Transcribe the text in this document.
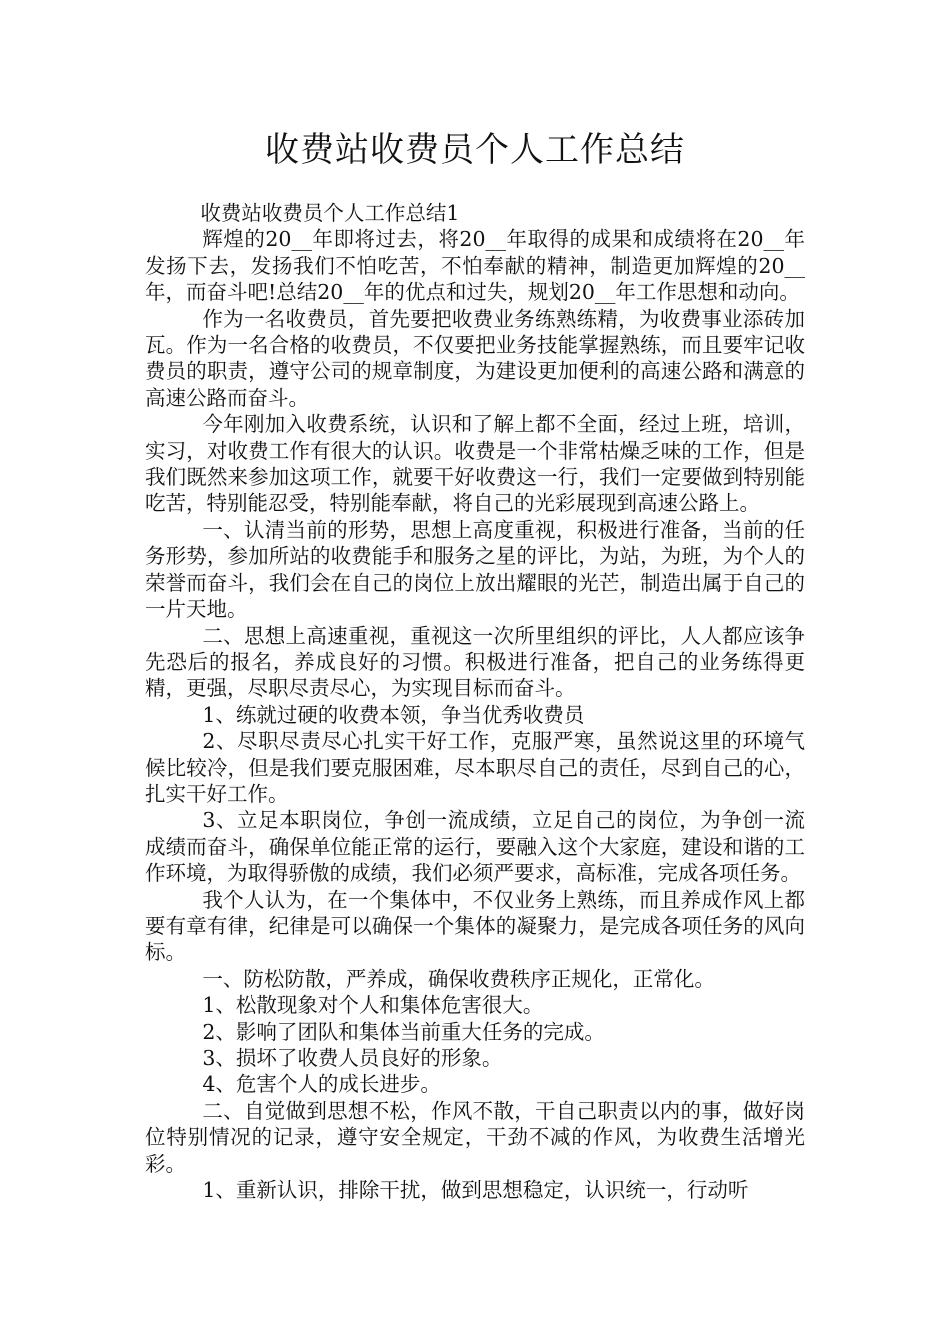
收费站收费员个人工作总结

收费站收费员个人工作总结1

辉煌的20__年即将过去，将20__年取得的成果和成绩将在20__年发扬下去，发扬我们不怕吃苦，不怕奉献的精神，制造更加辉煌的20__年，而奋斗吧!总结20__年的优点和过失，规划20__年工作思想和动向。

作为一名收费员，首先要把收费业务练熟练精，为收费事业添砖加瓦。作为一名合格的收费员，不仅要把业务技能掌握熟练，而且要牢记收费员的职责，遵守公司的规章制度，为建设更加便利的高速公路和满意的高速公路而奋斗。

今年刚加入收费系统，认识和了解上都不全面，经过上班，培训，实习，对收费工作有很大的认识。收费是一个非常枯燥乏味的工作，但是我们既然来参加这项工作，就要干好收费这一行，我们一定要做到特别能吃苦，特别能忍受，特别能奉献，将自己的光彩展现到高速公路上。

一、认清当前的形势，思想上高度重视，积极进行准备，当前的任务形势，参加所站的收费能手和服务之星的评比，为站，为班，为个人的荣誉而奋斗，我们会在自己的岗位上放出耀眼的光芒，制造出属于自己的一片天地。

二、思想上高速重视，重视这一次所里组织的评比，人人都应该争先恐后的报名，养成良好的习惯。积极进行准备，把自己的业务练得更精，更强，尽职尽责尽心，为实现目标而奋斗。

1、练就过硬的收费本领，争当优秀收费员

2、尽职尽责尽心扎实干好工作，克服严寒，虽然说这里的环境气候比较冷，但是我们要克服困难，尽本职尽自己的责任，尽到自己的心，扎实干好工作。

3、立足本职岗位，争创一流成绩，立足自己的岗位，为争创一流成绩而奋斗，确保单位能正常的运行，要融入这个大家庭，建设和谐的工作环境，为取得骄傲的成绩，我们必须严要求，高标准，完成各项任务。

我个人认为，在一个集体中，不仅业务上熟练，而且养成作风上都要有章有律，纪律是可以确保一个集体的凝聚力，是完成各项任务的风向标。

一、防松防散，严养成，确保收费秩序正规化，正常化。

1、松散现象对个人和集体危害很大。

2、影响了团队和集体当前重大任务的完成。

3、损坏了收费人员良好的形象。

4、危害个人的成长进步。

二、自觉做到思想不松，作风不散，干自己职责以内的事，做好岗位特别情况的记录，遵守安全规定，干劲不减的作风，为收费生活增光彩。

1、重新认识，排除干扰，做到思想稳定，认识统一，行动听
